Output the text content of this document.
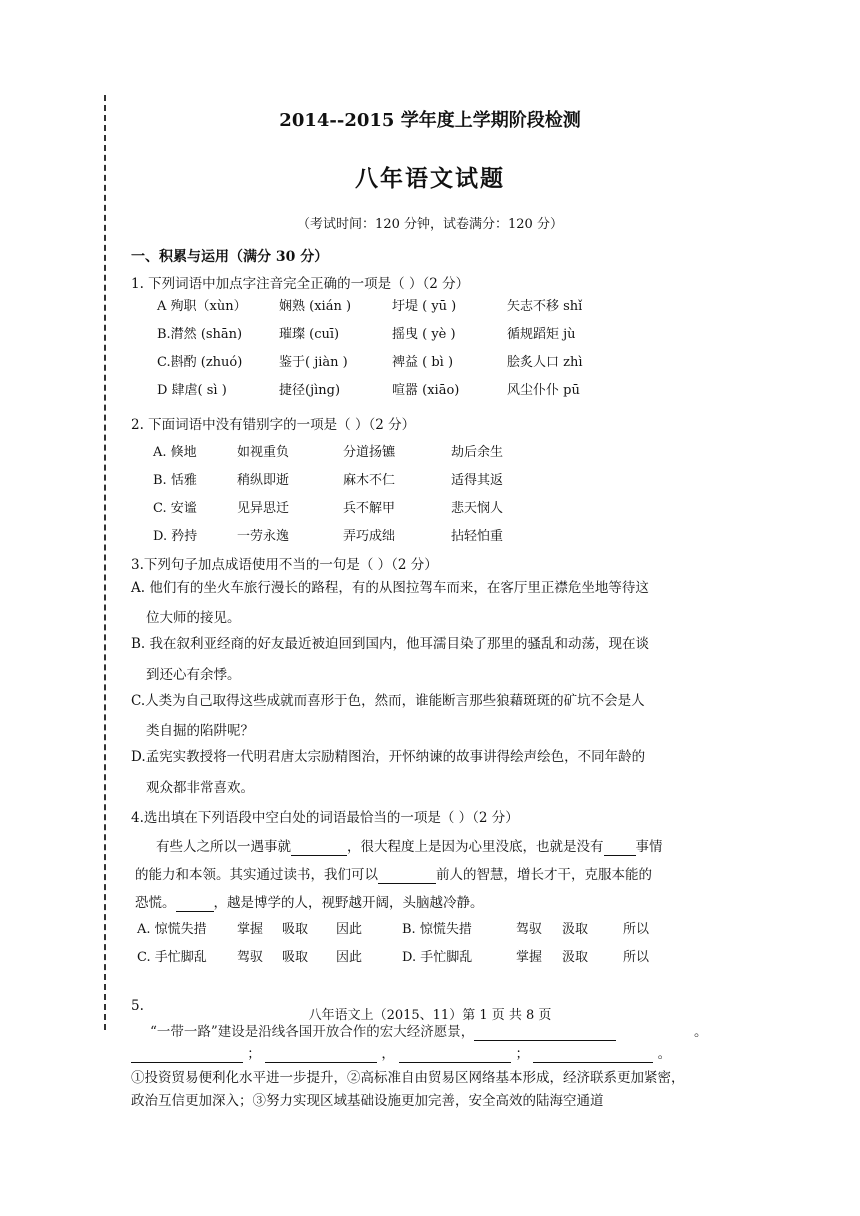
2014--2015 学年度上学期阶段检测
八年语文试题
（考试时间：120 分钟，试卷满分：120 分）
一、积累与运用（满分 30 分）
1. 下列词语中加点字注音完全正确的一项是（ ）（2 分）
A 殉职（xùn） 娴熟 (xián )	圩堤 ( yū )	矢志不移 shǐ
B.潸然 (shān)	璀璨 (cuī)	摇曳 ( yè )	循规蹈矩 jù
C.斟酌 (zhuó)	鉴于( jiàn )	裨益 ( bì )	脍炙人口 zhì
D 肆虐( sì )	捷径(jìng)	喧嚣 (xiāo)	风尘仆仆 pū
2. 下面词语中没有错别字的一项是（ ）（2 分）
A. 倏地	如视重负	分道扬镳	劫后余生
B. 恬雅	稍纵即逝	麻木不仁	适得其返
C. 安谧	见异思迁	兵不解甲	悲天悯人
D. 矜持	一劳永逸	弄巧成绌	拈轻怕重
3.下列句子加点成语使用不当的一句是（ ）（2 分）
A. 他们有的坐火车旅行漫长的路程，有的从图拉驾车而来，在客厅里正襟危坐地等待这
位大师的接见。
B. 我在叙利亚经商的好友最近被迫回到国内，他耳濡目染了那里的骚乱和动荡，现在谈
到还心有余悸。
C.人类为自己取得这些成就而喜形于色，然而，谁能断言那些狼藉斑斑的矿坑不会是人
类自掘的陷阱呢？
D.孟宪实教授将一代明君唐太宗励精图治，开怀纳谏的故事讲得绘声绘色，不同年龄的
观众都非常喜欢。
4.选出填在下列语段中空白处的词语最恰当的一项是（ ）（2 分）
有些人之所以一遇事就	，很大程度上是因为心里没底，也就是没有 事情
的能力和本领。其实通过读书，我们可以	前人的智慧，增长才干，克服本能的
恐慌。	，越是博学的人，视野越开阔，头脑越冷静。
A. 惊慌失措 掌握 吸取 因此	B. 惊慌失措	驾驭 汲取	所以
C. 手忙脚乱 驾驭 吸取 因此	D. 手忙脚乱	掌握 汲取	所以
5.
八年语文上（2015、11）第 1 页 共 8 页
“一带一路”建设是沿线各国开放合作的宏大经济愿景，	。
；	，	；	。
①投资贸易便利化水平进一步提升，②高标准自由贸易区网络基本形成，经济联系更加紧密，
政治互信更加深入；③努力实现区域基础设施更加完善，安全高效的陆海空通道
